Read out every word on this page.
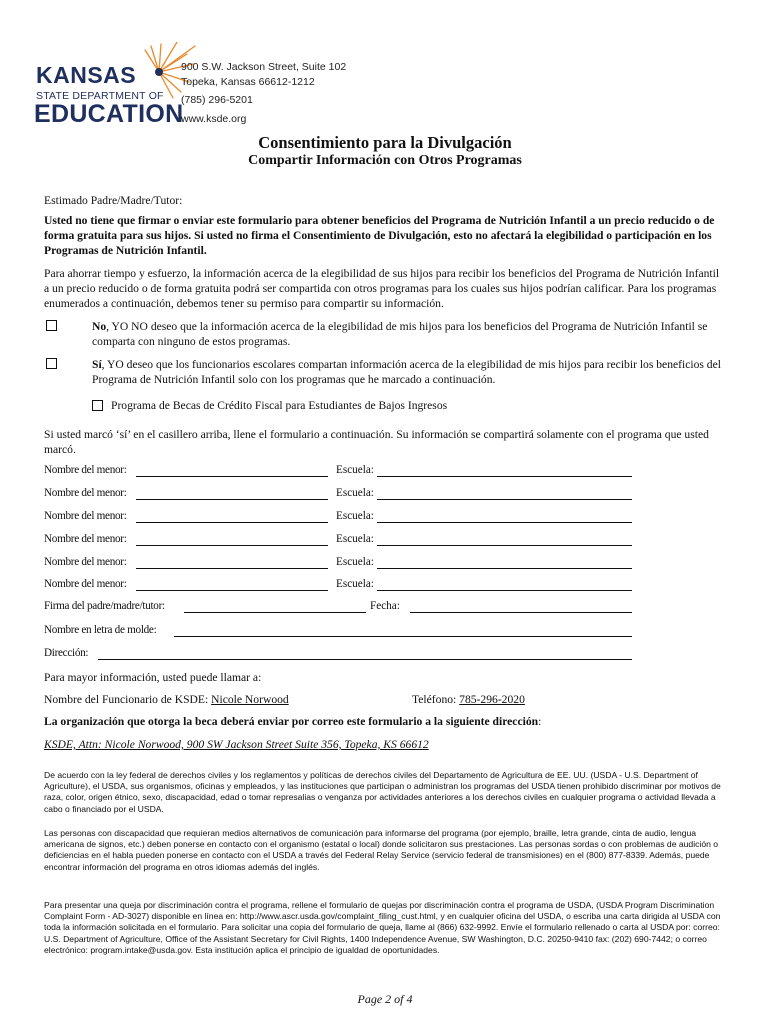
KANSAS
STATE DEPARTMENT OF
EDUCATION
900 S.W. Jackson Street, Suite 102
Topeka, Kansas 66612-1212
(785) 296-5201
www.ksde.org
Consentimiento para la Divulgación
Compartir Información con Otros Programas
Estimado Padre/Madre/Tutor:
Usted no tiene que firmar o enviar este formulario para obtener beneficios del Programa de Nutrición Infantil a un precio reducido o de forma gratuita para sus hijos. Si usted no firma el Consentimiento de Divulgación, esto no afectará la elegibilidad o participación en los Programas de Nutrición Infantil.
Para ahorrar tiempo y esfuerzo, la información acerca de la elegibilidad de sus hijos para recibir los beneficios del Programa de Nutrición Infantil a un precio reducido o de forma gratuita podrá ser compartida con otros programas para los cuales sus hijos podrían calificar. Para los programas enumerados a continuación, debemos tener su permiso para compartir su información.
No, YO NO deseo que la información acerca de la elegibilidad de mis hijos para los beneficios del Programa de Nutrición Infantil se comparta con ninguno de estos programas.
Sí, YO deseo que los funcionarios escolares compartan información acerca de la elegibilidad de mis hijos para recibir los beneficios del Programa de Nutrición Infantil solo con los programas que he marcado a continuación.
Programa de Becas de Crédito Fiscal para Estudiantes de Bajos Ingresos
Si usted marcó ‘sí’ en el casillero arriba, llene el formulario a continuación. Su información se compartirá solamente con el programa que usted marcó.
Nombre del menor:	Escuela:
Nombre del menor:	Escuela:
Nombre del menor:	Escuela:
Nombre del menor:	Escuela:
Nombre del menor:	Escuela:
Nombre del menor:	Escuela:
Firma del padre/madre/tutor:	Fecha:
Nombre en letra de molde:
Dirección:
Para mayor información, usted puede llamar a:
Nombre del Funcionario de KSDE: Nicole Norwood	Teléfono: 785-296-2020
La organización que otorga la beca deberá enviar por correo este formulario a la siguiente dirección:
KSDE, Attn: Nicole Norwood, 900 SW Jackson Street Suite 356, Topeka, KS 66612
De acuerdo con la ley federal de derechos civiles y los reglamentos y políticas de derechos civiles del Departamento de Agricultura de EE. UU. (USDA - U.S. Department of Agriculture), el USDA, sus organismos, oficinas y empleados, y las instituciones que participan o administran los programas del USDA tienen prohibido discriminar por motivos de raza, color, origen étnico, sexo, discapacidad, edad o tomar represalias o venganza por actividades anteriores a los derechos civiles en cualquier programa o actividad llevada a cabo o financiado por el USDA.
Las personas con discapacidad que requieran medios alternativos de comunicación para informarse del programa (por ejemplo, braille, letra grande, cinta de audio, lengua americana de signos, etc.) deben ponerse en contacto con el organismo (estatal o local) donde solicitaron sus prestaciones. Las personas sordas o con problemas de audición o deficiencias en el habla pueden ponerse en contacto con el USDA a través del Federal Relay Service (servicio federal de transmisiones) en el (800) 877-8339. Además, puede encontrar información del programa en otros idiomas además del inglés.
Para presentar una queja por discriminación contra el programa, rellene el formulario de quejas por discriminación contra el programa de USDA, (USDA Program Discrimination Complaint Form - AD-3027) disponible en línea en: http://www.ascr.usda.gov/complaint_filing_cust.html, y en cualquier oficina del USDA, o escriba una carta dirigida al USDA con toda la información solicitada en el formulario. Para solicitar una copia del formulario de queja, llame al (866) 632-9992. Envíe el formulario rellenado o carta al USDA por: correo: U.S. Department of Agriculture, Office of the Assistant Secretary for Civil Rights, 1400 Independence Avenue, SW Washington, D.C. 20250-9410 fax: (202) 690-7442; o correo electrónico: program.intake@usda.gov. Esta institución aplica el principio de igualdad de oportunidades.
Page 2 of 4
